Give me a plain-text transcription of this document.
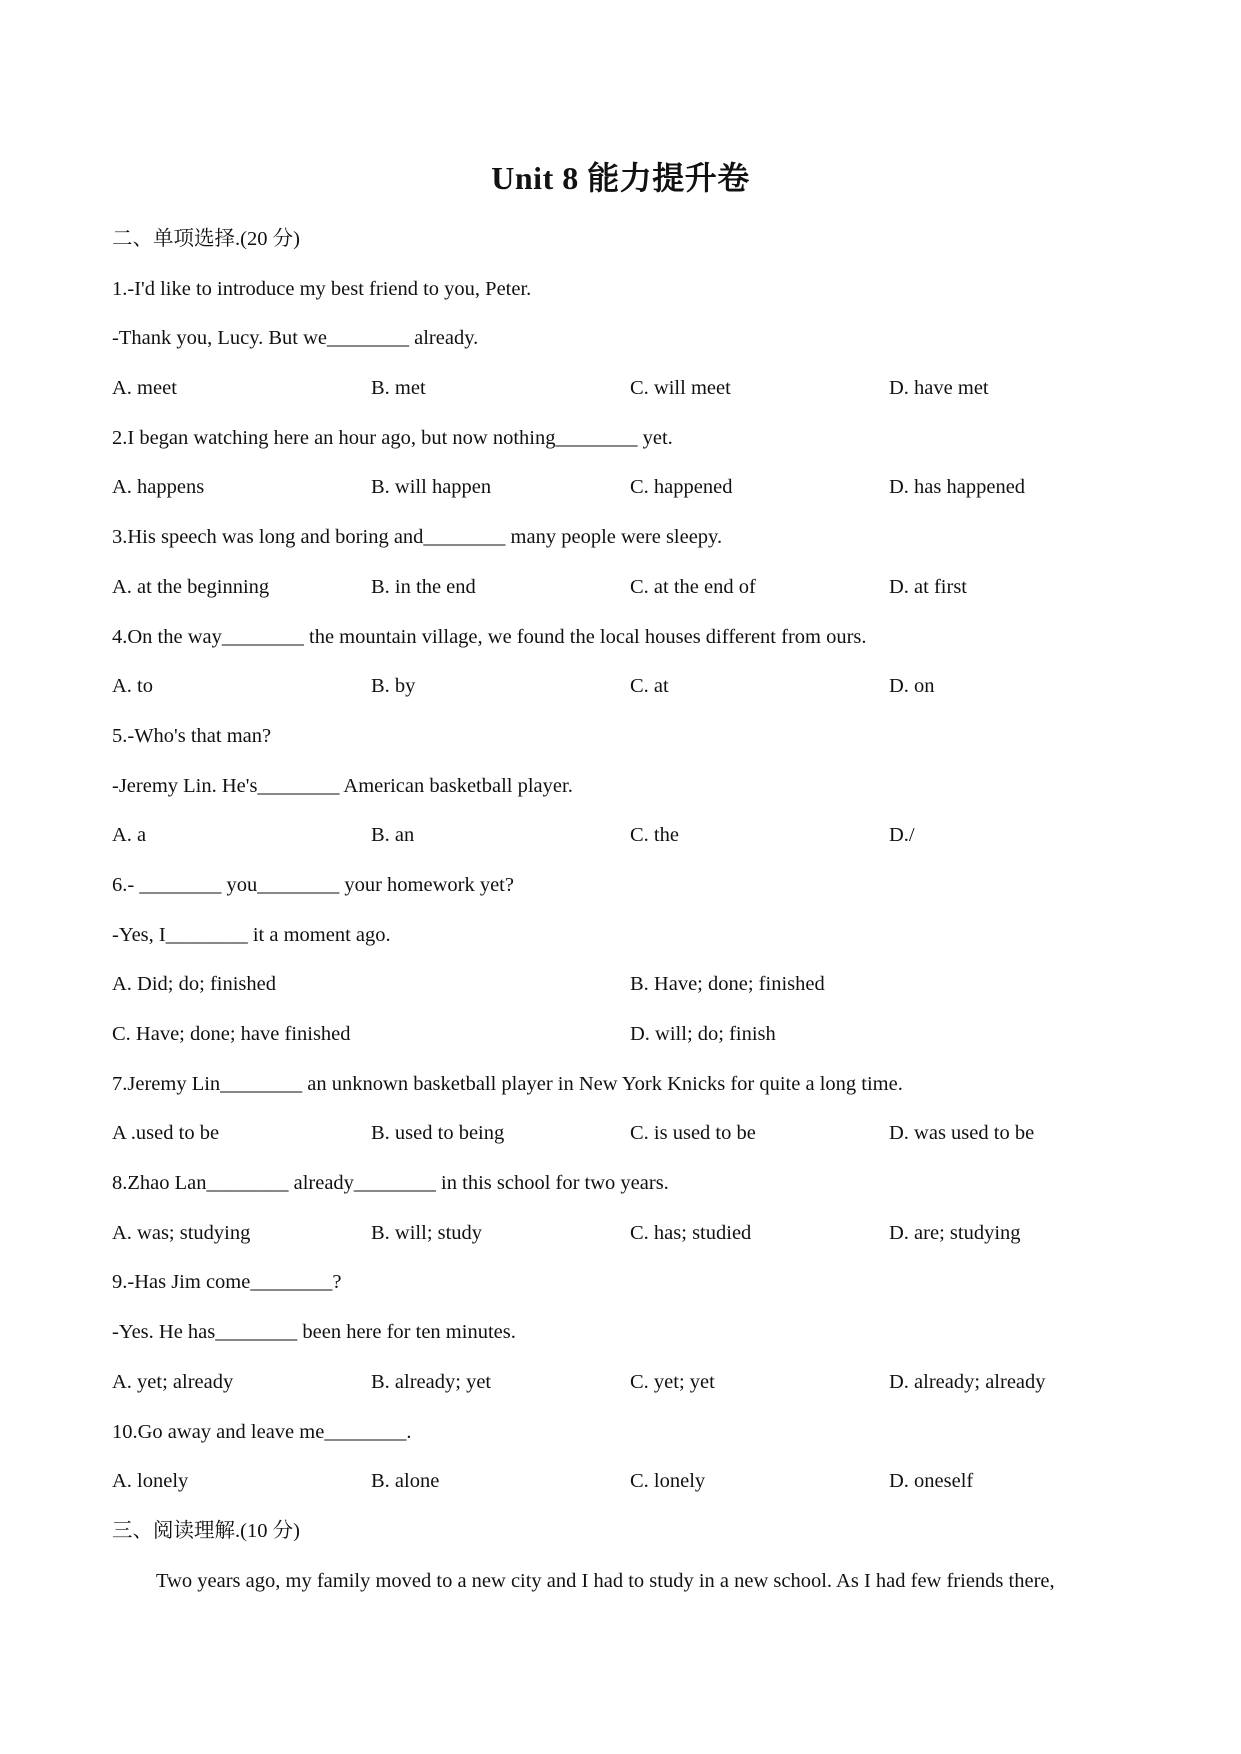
Unit 8 能力提升卷
二、单项选择.(20 分)
1.-I'd like to introduce my best friend to you, Peter.
-Thank you, Lucy. But we________ already.
A. meet	B. met	C. will meet	D. have met
2.I began watching here an hour ago, but now nothing________ yet.
A. happens	B. will happen	C. happened	D. has happened
3.His speech was long and boring and________ many people were sleepy.
A. at the beginning	B. in the end	C. at the end of	D. at first
4.On the way________ the mountain village, we found the local houses different from ours.
A. to	B. by	C. at	D. on
5.-Who's that man?
-Jeremy Lin. He's________ American basketball player.
A. a	B. an	C. the	D./
6.- ________ you________ your homework yet?
-Yes, I________ it a moment ago.
A. Did; do; finished	B. Have; done; finished
C. Have; done; have finished	D. will; do; finish
7.Jeremy Lin________ an unknown basketball player in New York Knicks for quite a long time.
A .used to be	B. used to being	C. is used to be	D. was used to be
8.Zhao Lan________ already________ in this school for two years.
A. was; studying	B. will; study	C. has; studied	D. are; studying
9.-Has Jim come________?
-Yes. He has________ been here for ten minutes.
A. yet; already	B. already; yet	C. yet; yet	D. already; already
10.Go away and leave me________.
A. lonely	B. alone	C. lonely	D. oneself
三、阅读理解.(10 分)
Two years ago, my family moved to a new city and I had to study in a new school. As I had few friends there,
